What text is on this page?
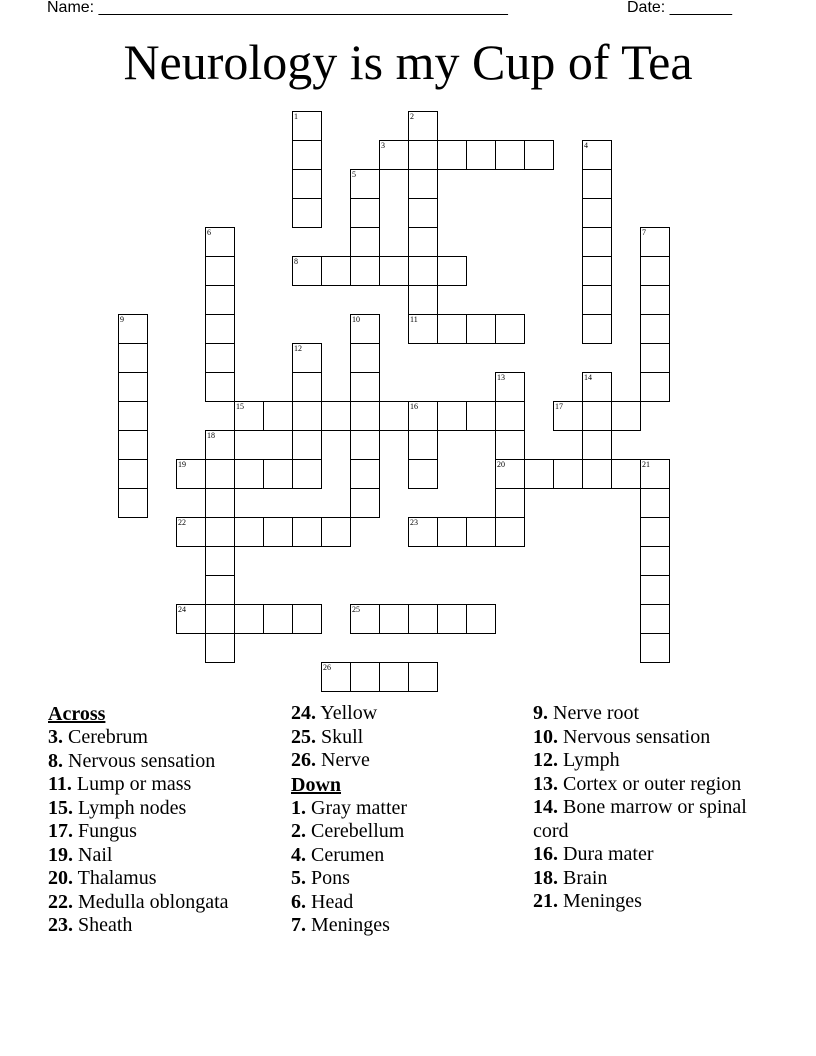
Name: ______________________________________________	Date: _______
Neurology is my Cup of Tea
1	2
11
3	4
5
6	7
8
9	10
12
13
20
14
15	16	17
18
19	21
22	23
24	25
26
Across
3. Cerebrum
8. Nervous sensation
11. Lump or mass
15. Lymph nodes
17. Fungus
19. Nail
20. Thalamus
22. Medulla oblongata
23. Sheath
24. Yellow
25. Skull
26. Nerve
Down
1. Gray matter
2. Cerebellum
4. Cerumen
5. Pons
6. Head
7. Meninges
9. Nerve root
10. Nervous sensation
12. Lymph
13. Cortex or outer region
14. Bone marrow or spinal cord
16. Dura mater
18. Brain
21. Meninges
